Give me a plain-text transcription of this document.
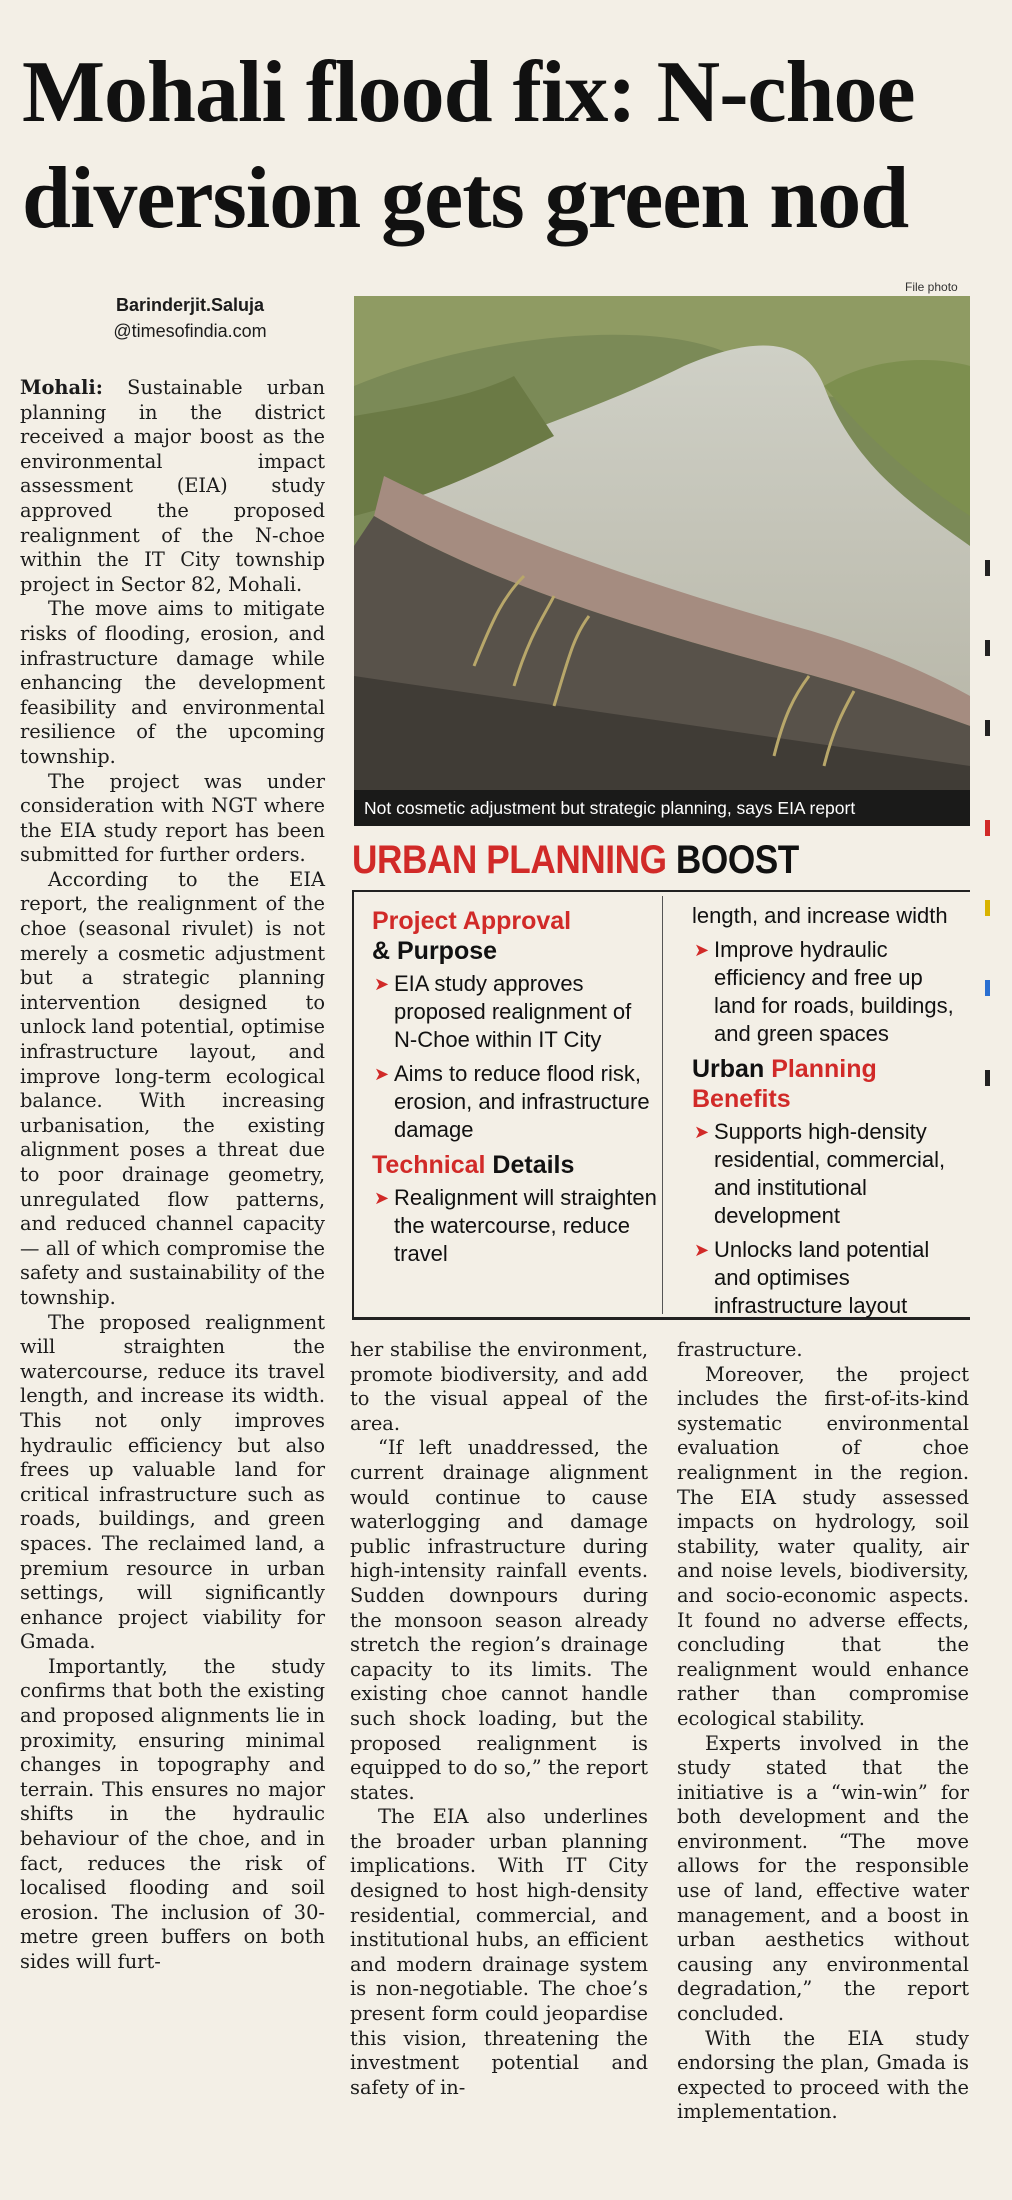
Mohali flood fix: N-choe diversion gets green nod
Barinderjit.Saluja
@timesofindia.com
File photo
Not cosmetic adjustment but strategic planning, says EIA report
URBAN PLANNING BOOST
Project Approval
& Purpose
➤ EIA study approves proposed realignment of N-Choe within IT City
➤ Aims to reduce flood risk, erosion, and infrastructure damage
Technical Details
➤ Realignment will straighten the watercourse, reduce travel
length, and increase width
➤ Improve hydraulic efficiency and free up land for roads, buildings, and green spaces
Urban Planning Benefits
➤ Supports high-density residential, commercial, and institutional development
➤ Unlocks land potential and optimises infrastructure layout

Mohali: Sustainable urban planning in the district received a major boost as the environmental impact assessment (EIA) study approved the proposed realignment of the N-choe within the IT City township project in Sector 82, Mohali.

The move aims to mitigate risks of flooding, erosion, and infrastructure damage while enhancing the development feasibility and environmental resilience of the upcoming township.

The project was under consideration with NGT where the EIA study report has been submitted for further orders.

According to the EIA report, the realignment of the choe (seasonal rivulet) is not merely a cosmetic adjustment but a strategic planning intervention designed to unlock land potential, optimise infrastructure layout, and improve long-term ecological balance. With increasing urbanisation, the existing alignment poses a threat due to poor drainage geometry, unregulated flow patterns, and reduced channel capacity — all of which compromise the safety and sustainability of the township.

The proposed realignment will straighten the watercourse, reduce its travel length, and increase its width. This not only improves hydraulic efficiency but also frees up valuable land for critical infrastructure such as roads, buildings, and green spaces. The reclaimed land, a premium resource in urban settings, will significantly enhance project viability for Gmada.

Importantly, the study confirms that both the existing and proposed alignments lie in proximity, ensuring minimal changes in topography and terrain. This ensures no major shifts in the hydraulic behaviour of the choe, and in fact, reduces the risk of localised flooding and soil erosion. The inclusion of 30-metre green buffers on both sides will furt-

her stabilise the environment, promote biodiversity, and add to the visual appeal of the area.

“If left unaddressed, the current drainage alignment would continue to cause waterlogging and damage public infrastructure during high-intensity rainfall events. Sudden downpours during the monsoon season already stretch the region’s drainage capacity to its limits. The existing choe cannot handle such shock loading, but the proposed realignment is equipped to do so,” the report states.

The EIA also underlines the broader urban planning implications. With IT City designed to host high-density residential, commercial, and institutional hubs, an efficient and modern drainage system is non-negotiable. The choe’s present form could jeopardise this vision, threatening the investment potential and safety of in-

frastructure.

Moreover, the project includes the first-of-its-kind systematic environmental evaluation of choe realignment in the region. The EIA study assessed impacts on hydrology, soil stability, water quality, air and noise levels, biodiversity, and socio-economic aspects. It found no adverse effects, concluding that the realignment would enhance rather than compromise ecological stability.

Experts involved in the study stated that the initiative is a “win-win” for both development and the environment. “The move allows for the responsible use of land, effective water management, and a boost in urban aesthetics without causing any environmental degradation,” the report concluded.

With the EIA study endorsing the plan, Gmada is expected to proceed with the implementation.
